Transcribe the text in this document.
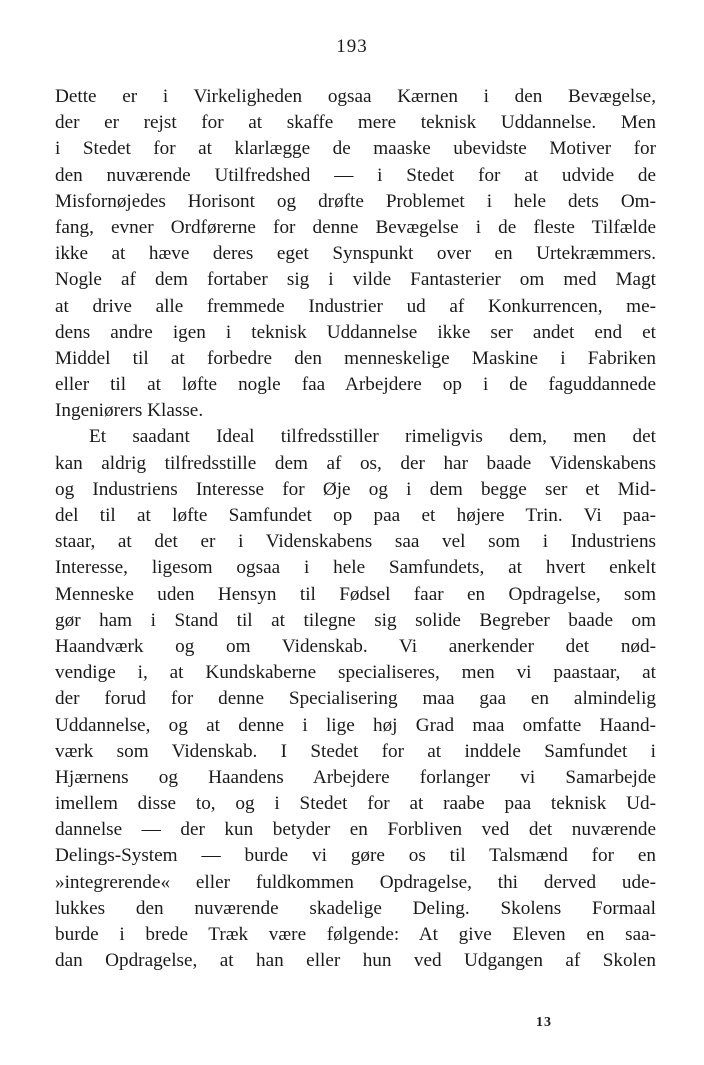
193
Dette er i Virkeligheden ogsaa Kærnen i den Bevægelse,
der er rejst for at skaffe mere teknisk Uddannelse. Men
i Stedet for at klarlægge de maaske ubevidste Motiver for
den nuværende Utilfredshed — i Stedet for at udvide de
Misfornøjedes Horisont og drøfte Problemet i hele dets Om-
fang, evner Ordførerne for denne Bevægelse i de fleste Tilfælde
ikke at hæve deres eget Synspunkt over en Urtekræmmers.
Nogle af dem fortaber sig i vilde Fantasterier om med Magt
at drive alle fremmede Industrier ud af Konkurrencen, me-
dens andre igen i teknisk Uddannelse ikke ser andet end et
Middel til at forbedre den menneskelige Maskine i Fabriken
eller til at løfte nogle faa Arbejdere op i de faguddannede
Ingeniørers Klasse.
Et saadant Ideal tilfredsstiller rimeligvis dem, men det
kan aldrig tilfredsstille dem af os, der har baade Videnskabens
og Industriens Interesse for Øje og i dem begge ser et Mid-
del til at løfte Samfundet op paa et højere Trin. Vi paa-
staar, at det er i Videnskabens saa vel som i Industriens
Interesse, ligesom ogsaa i hele Samfundets, at hvert enkelt
Menneske uden Hensyn til Fødsel faar en Opdragelse, som
gør ham i Stand til at tilegne sig solide Begreber baade om
Haandværk og om Videnskab. Vi anerkender det nød-
vendige i, at Kundskaberne specialiseres, men vi paastaar, at
der forud for denne Specialisering maa gaa en almindelig
Uddannelse, og at denne i lige høj Grad maa omfatte Haand-
værk som Videnskab. I Stedet for at inddele Samfundet i
Hjærnens og Haandens Arbejdere forlanger vi Samarbejde
imellem disse to, og i Stedet for at raabe paa teknisk Ud-
dannelse — der kun betyder en Forbliven ved det nuværende
Delings-System — burde vi gøre os til Talsmænd for en
»integrerende« eller fuldkommen Opdragelse, thi derved ude-
lukkes den nuværende skadelige Deling. Skolens Formaal
burde i brede Træk være følgende: At give Eleven en saa-
dan Opdragelse, at han eller hun ved Udgangen af Skolen
13
